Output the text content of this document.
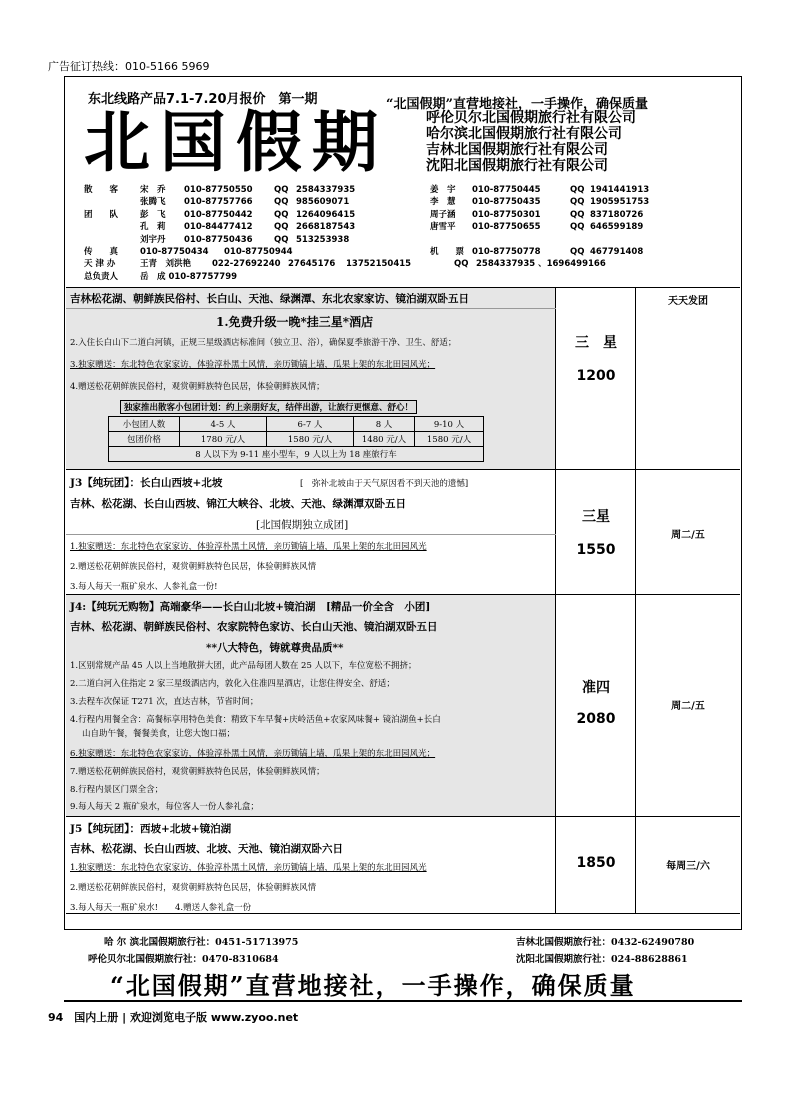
广告征订热线：010-5166 5969
东北线路产品7.1-7.20月报价　第一期	“北国假期”直营地接社，一手操作，确保质量
北国假期	呼伦贝尔北国假期旅行社有限公司
哈尔滨北国假期旅行社有限公司
吉林北国假期旅行社有限公司
沈阳北国假期旅行社有限公司
散　　客	宋　乔 010-87750550	QQ 2584337935	姜　宇 010-87750445	QQ 1941441913
张腾飞 010-87757766	QQ 985609071	李　慧 010-87750435	QQ 1905951753
团　　队	彭　飞 010-87750442	QQ 1264096415	周子涵 010-87750301	QQ 837180726
孔　莉 010-84477412	QQ 2668187543	唐雪平 010-87750655	QQ 646599189
刘宇丹 010-87750436	QQ 513253938
传　　真	010-87750434 010-87750944	机　　票 010-87750778	QQ 467791408
天 津 办	王青　刘洪艳 022-27692240 27645176 13752150415	QQ 2584337935 、1696499166
总负责人	岳　成 010-87757799
吉林松花湖、朝鲜族民俗村、长白山、天池、绿渊潭、东北农家家访、镜泊湖双卧五日
1.免费升级一晚*挂三星*酒店
2.入住长白山下二道白河镇，正规三星级酒店标准间（独立卫、浴），确保夏季旅游干净、卫生、舒适；
3.独家赠送：东北特色农家家访，体验淳朴黑土风情，亲历锄镐上墙，瓜果上架的东北田园风光；
4.赠送松花朝鲜族民俗村，观赏朝鲜族特色民居，体验朝鲜族风情；
独家推出散客小包团计划：约上亲朋好友，结伴出游，让旅行更惬意、舒心！
小包团人数	4-5 人	6-7 人	8 人	9-10 人
包团价格	1780 元/人	1580 元/人	1480 元/人	1580 元/人
8 人以下为 9-11 座小型车，9 人以上为 18 座旅行车				
三　星
1200
天天发团
J3【纯玩团】：长白山西坡+北坡	[　弥补北坡由于天气原因看不到天池的遗憾]
吉林、松花湖、长白山西坡、锦江大峡谷、北坡、天池、绿渊潭双卧五日
[北国假期独立成团]
1.独家赠送：东北特色农家家访，体验淳朴黑土风情，亲历锄镐上墙，瓜果上架的东北田园风光
2.赠送松花朝鲜族民俗村，观赏朝鲜族特色民居，体验朝鲜族风情
3.每人每天一瓶矿泉水、人参礼盒一份!
三星
1550
周二/五
J4:【纯玩无购物】高端豪华——长白山北坡+镜泊湖　[精品一价全含　小团]
吉林、松花湖、朝鲜族民俗村、农家院特色家访、长白山天池、镜泊湖双卧五日
**八大特色，铸就尊贵品质**
1.区别常规产品 45 人以上当地散拼大团，此产品每团人数在 25 人以下，车位宽松不拥挤；
2.二道白河入住指定 2 家三星级酒店内，敦化入住准四星酒店，让您住得安全、舒适；
3.去程车次保证 T271 次，直达吉林，节省时间；
4.行程内用餐全含：高餐标享用特色美食：精致下车早餐+庆岭活鱼+农家风味餐+ 镜泊湖鱼+长白
山自助午餐，餐餐美食，让您大饱口福；
6.独家赠送：东北特色农家家访，体验淳朴黑土风情，亲历锄镐上墙，瓜果上架的东北田园风光；
7.赠送松花朝鲜族民俗村，观赏朝鲜族特色民居，体验朝鲜族风情；
8.行程内景区门票全含；
9.每人每天 2 瓶矿泉水，每位客人一份人参礼盒；
准四
2080
周二/五
J5【纯玩团】：西坡+北坡+镜泊湖
吉林、松花湖、长白山西坡、北坡、天池、镜泊湖双卧六日
1.独家赠送：东北特色农家家访，体验淳朴黑土风情，亲历锄镐上墙，瓜果上架的东北田园风光
2.赠送松花朝鲜族民俗村，观赏朝鲜族特色民居，体验朝鲜族风情
3.每人每天一瓶矿泉水!　　4.赠送人参礼盒一份
1850	每周三/六
哈 尔 滨北国假期旅行社：0451-51713975	吉林北国假期旅行社：0432-62490780
呼伦贝尔北国假期旅行社：0470-8310684	沈阳北国假期旅行社：024-88628861
“北国假期”直营地接社，一手操作，确保质量
94　国内上册 | 欢迎浏览电子版 www.zyoo.net
